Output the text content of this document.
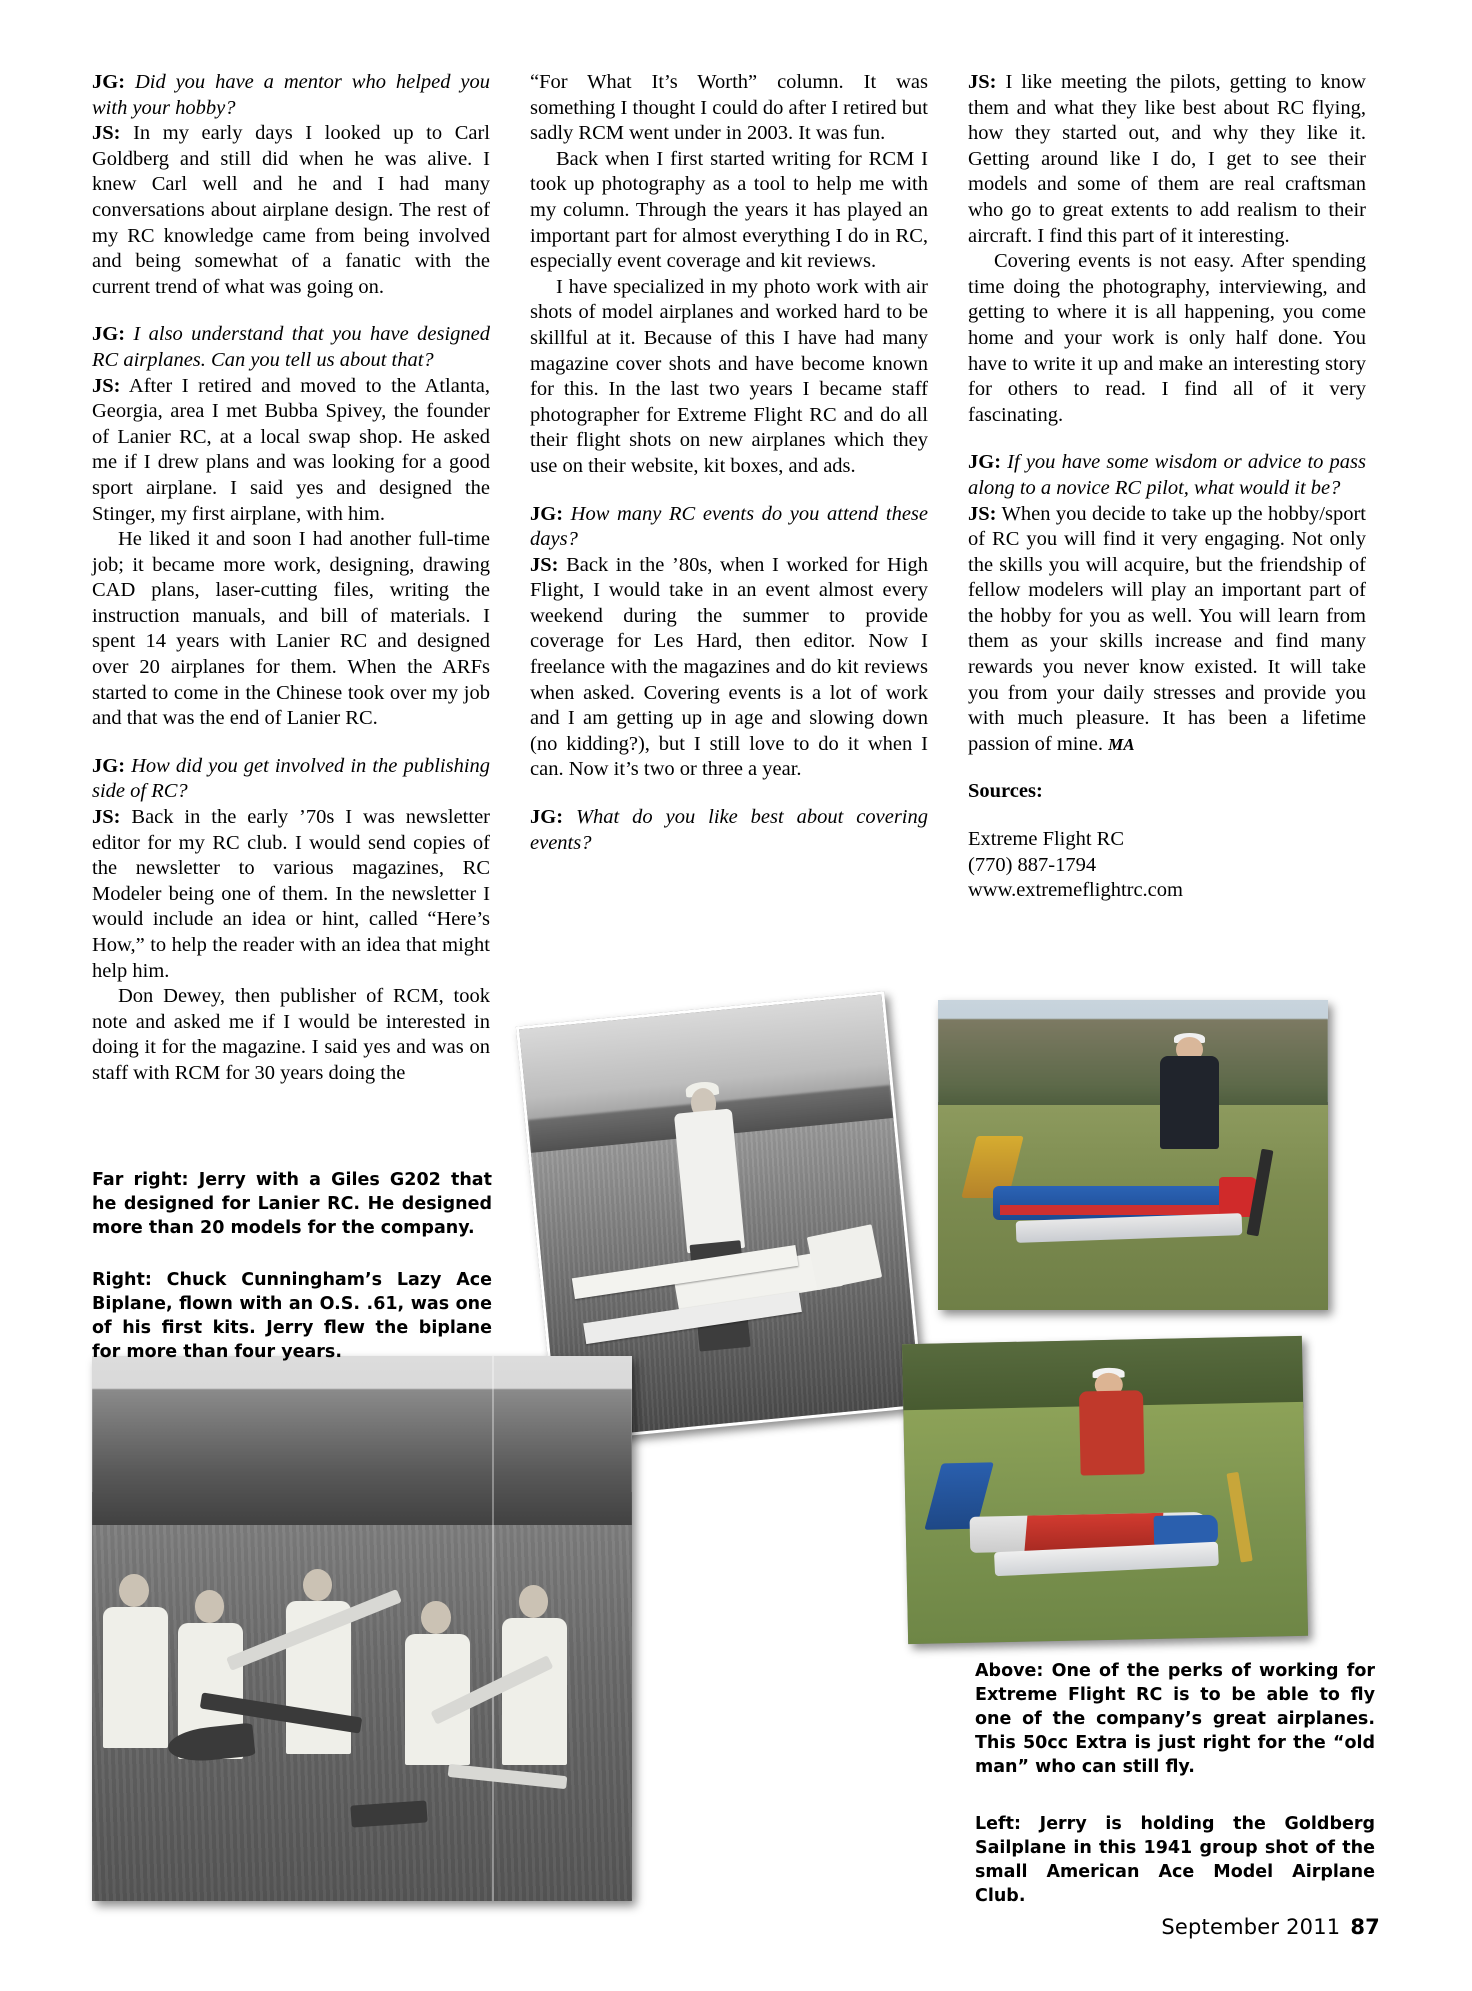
JG: Did you have a mentor who helped you with your hobby?

JS: In my early days I looked up to Carl Goldberg and still did when he was alive. I knew Carl well and he and I had many conversations about airplane design. The rest of my RC knowledge came from being involved and being somewhat of a fanatic with the current trend of what was going on.

JG: I also understand that you have designed RC airplanes. Can you tell us about that?

JS: After I retired and moved to the Atlanta, Georgia, area I met Bubba Spivey, the founder of Lanier RC, at a local swap shop. He asked me if I drew plans and was looking for a good sport airplane. I said yes and designed the Stinger, my first airplane, with him.

He liked it and soon I had another full-time job; it became more work, designing, drawing CAD plans, laser-cutting files, writing the instruction manuals, and bill of materials. I spent 14 years with Lanier RC and designed over 20 airplanes for them. When the ARFs started to come in the Chinese took over my job and that was the end of Lanier RC.

JG: How did you get involved in the publishing side of RC?

JS: Back in the early ’70s I was newsletter editor for my RC club. I would send copies of the newsletter to various magazines, RC Modeler being one of them. In the newsletter I would include an idea or hint, called “Here’s How,” to help the reader with an idea that might help him.

Don Dewey, then publisher of RCM, took note and asked me if I would be interested in doing it for the magazine. I said yes and was on staff with RCM for 30 years doing the

“For What It’s Worth” column. It was something I thought I could do after I retired but sadly RCM went under in 2003. It was fun.

Back when I first started writing for RCM I took up photography as a tool to help me with my column. Through the years it has played an important part for almost everything I do in RC, especially event coverage and kit reviews.

I have specialized in my photo work with air shots of model airplanes and worked hard to be skillful at it. Because of this I have had many magazine cover shots and have become known for this. In the last two years I became staff photographer for Extreme Flight RC and do all their flight shots on new airplanes which they use on their website, kit boxes, and ads.

JG: How many RC events do you attend these days?

JS: Back in the ’80s, when I worked for High Flight, I would take in an event almost every weekend during the summer to provide coverage for Les Hard, then editor. Now I freelance with the magazines and do kit reviews when asked. Covering events is a lot of work and I am getting up in age and slowing down (no kidding?), but I still love to do it when I can. Now it’s two or three a year.

JG: What do you like best about covering events?

JS: I like meeting the pilots, getting to know them and what they like best about RC flying, how they started out, and why they like it. Getting around like I do, I get to see their models and some of them are real craftsman who go to great extents to add realism to their aircraft. I find this part of it interesting.

Covering events is not easy. After spending time doing the photography, interviewing, and getting to where it is all happening, you come home and your work is only half done. You have to write it up and make an interesting story for others to read. I find all of it very fascinating.

JG: If you have some wisdom or advice to pass along to a novice RC pilot, what would it be?

JS: When you decide to take up the hobby/sport of RC you will find it very engaging. Not only the skills you will acquire, but the friendship of fellow modelers will play an important part of the hobby for you as well. You will learn from them as your skills increase and find many rewards you never know existed. It will take you from your daily stresses and provide you with much pleasure. It has been a lifetime passion of mine. MA

Sources:

Extreme Flight RC

(770) 887-1794

www.extremeflightrc.com

Far right: Jerry with a Giles G202 that he designed for Lanier RC. He designed more than 20 models for the company.
Right: Chuck Cunningham’s Lazy Ace Biplane, flown with an O.S. .61, was one of his first kits. Jerry flew the biplane for more than four years.
Above: One of the perks of working for Extreme Flight RC is to be able to fly one of the company’s great airplanes. This 50cc Extra is just right for the “old man” who can still fly.
Left: Jerry is holding the Goldberg Sailplane in this 1941 group shot of the small American Ace Model Airplane Club.
September 2011 87
